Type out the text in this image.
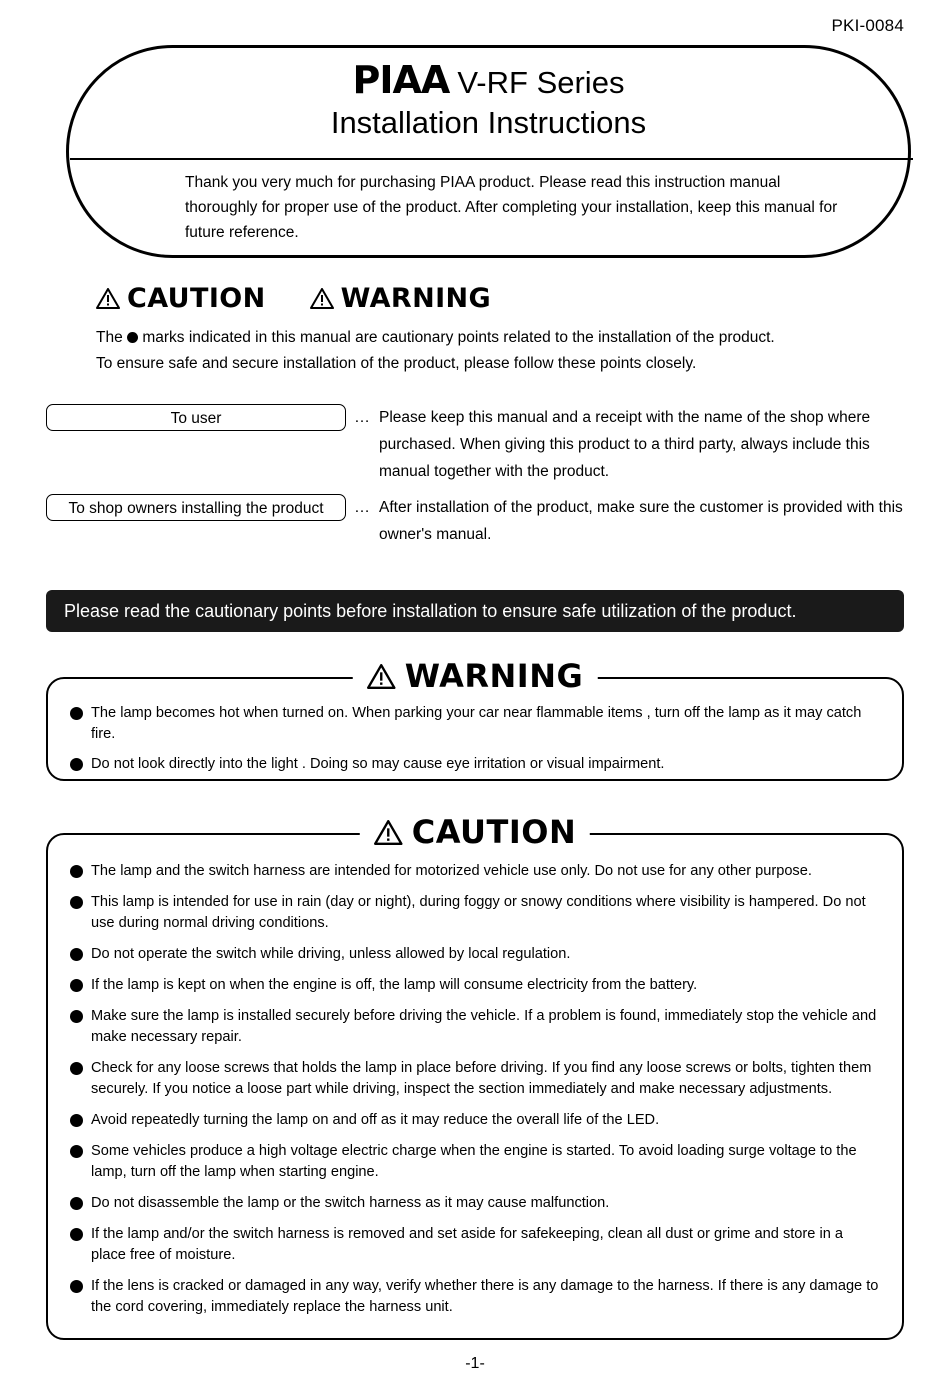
PKI-0084
PIAA V-RF Series
Installation Instructions
Thank you very much for purchasing PIAA product. Please read this instruction manual thoroughly for proper use of the product. After completing your installation, keep this manual for future reference.
CAUTION	WARNING
The  marks indicated in this manual are cautionary points related to the installation of the product.
To ensure safe and secure installation of the product, please follow these points closely.
To user	… Please keep this manual and a receipt with the name of the shop where purchased. When giving this product to a third party, always include this manual together with the product.
To shop owners installing the product	… After installation of the product, make sure the customer is provided with this owner's manual.
Please read the cautionary points before installation to ensure safe utilization of the product.
WARNING
The lamp becomes hot when turned on. When parking your car near flammable items , turn off the lamp as it may catch fire.
Do not look directly into the light . Doing so may cause eye irritation or visual impairment.
CAUTION
The lamp and the switch harness are intended for motorized vehicle use only. Do not use for any other purpose.
This lamp is intended for use in rain (day or night), during foggy or snowy conditions where visibility is hampered. Do not use during normal driving conditions.
Do not operate the switch while driving, unless allowed by local regulation.
If the lamp is kept on when the engine is off, the lamp will consume electricity from the battery.
Make sure the lamp is installed securely before driving the vehicle. If a problem is found, immediately stop the vehicle and make necessary repair.
Check for any loose screws that holds the lamp in place before driving. If you find any loose screws or bolts, tighten them securely. If you notice a loose part while driving, inspect the section immediately and make necessary adjustments.
Avoid repeatedly turning the lamp on and off as it may reduce the overall life of the LED.
Some vehicles produce a high voltage electric charge when the engine is started. To avoid loading surge voltage to the lamp, turn off the lamp when starting engine.
Do not disassemble the lamp or the switch harness as it may cause malfunction.
If the lamp and/or the switch harness is removed and set aside for safekeeping, clean all dust or grime and store in a place free of moisture.
If the lens is cracked or damaged in any way, verify whether there is any damage to the harness. If there is any damage to the cord covering, immediately replace the harness unit.
-1-
